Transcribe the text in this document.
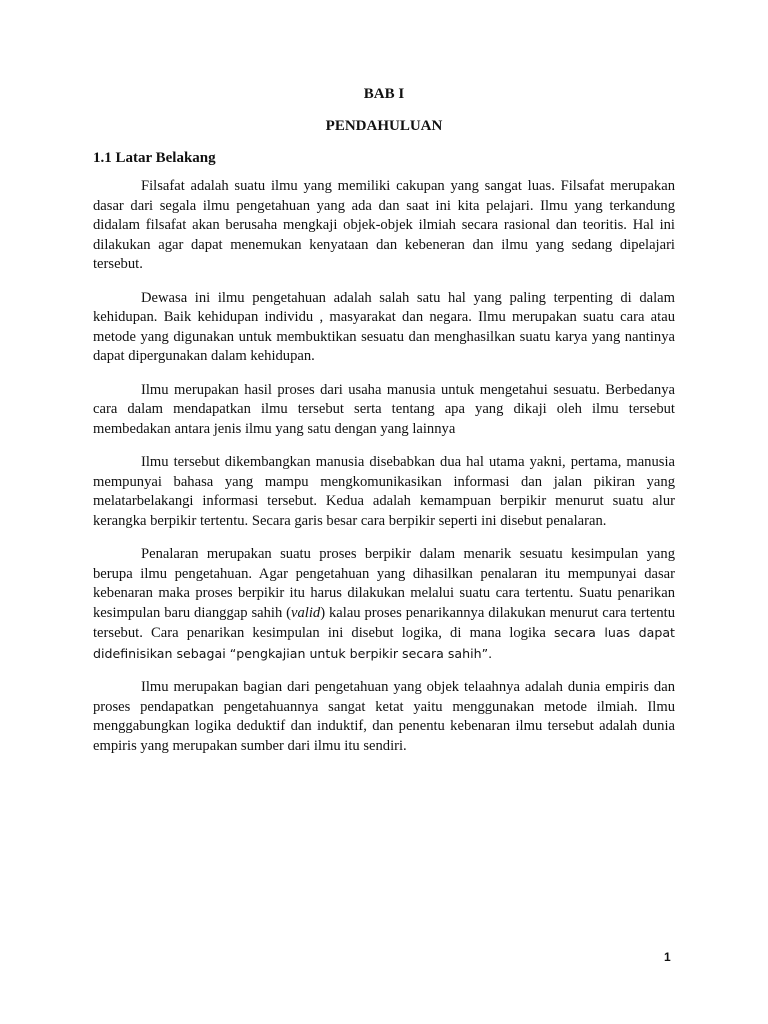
BAB I

PENDAHULUAN

1.1 Latar Belakang

Filsafat adalah suatu ilmu yang memiliki cakupan yang sangat luas. Filsafat merupakan dasar dari segala ilmu pengetahuan yang ada dan saat ini kita pelajari. Ilmu yang terkandung didalam filsafat akan berusaha mengkaji objek-objek ilmiah secara rasional dan teoritis. Hal ini dilakukan agar dapat menemukan kenyataan dan kebeneran dan ilmu yang sedang dipelajari tersebut.

Dewasa ini ilmu pengetahuan adalah salah satu hal yang paling terpenting di dalam kehidupan. Baik kehidupan individu , masyarakat dan negara. Ilmu merupakan suatu cara atau metode yang digunakan untuk membuktikan sesuatu dan menghasilkan suatu karya yang nantinya dapat dipergunakan dalam kehidupan.

Ilmu merupakan hasil proses dari usaha manusia untuk mengetahui sesuatu. Berbedanya cara dalam mendapatkan ilmu tersebut serta tentang apa yang dikaji oleh ilmu tersebut membedakan antara jenis ilmu yang satu dengan yang lainnya

Ilmu tersebut dikembangkan manusia disebabkan dua hal utama yakni, pertama, manusia mempunyai bahasa yang mampu mengkomunikasikan informasi dan jalan pikiran yang melatarbelakangi informasi tersebut. Kedua adalah kemampuan berpikir menurut suatu alur kerangka berpikir tertentu. Secara garis besar cara berpikir seperti ini disebut penalaran.

Penalaran merupakan suatu proses berpikir dalam menarik sesuatu kesimpulan yang berupa ilmu pengetahuan. Agar pengetahuan yang dihasilkan penalaran itu mempunyai dasar kebenaran maka proses berpikir itu harus dilakukan melalui suatu cara tertentu. Suatu penarikan kesimpulan baru dianggap sahih (valid) kalau proses penarikannya dilakukan menurut cara tertentu tersebut. Cara penarikan kesimpulan ini disebut logika, di mana logika secara luas dapat didefinisikan sebagai “pengkajian untuk berpikir secara sahih”.

Ilmu merupakan bagian dari pengetahuan yang objek telaahnya adalah dunia empiris dan proses pendapatkan pengetahuannya sangat ketat yaitu menggunakan metode ilmiah. Ilmu menggabungkan logika deduktif dan induktif, dan penentu kebenaran ilmu tersebut adalah dunia empiris yang merupakan sumber dari ilmu itu sendiri.

1
